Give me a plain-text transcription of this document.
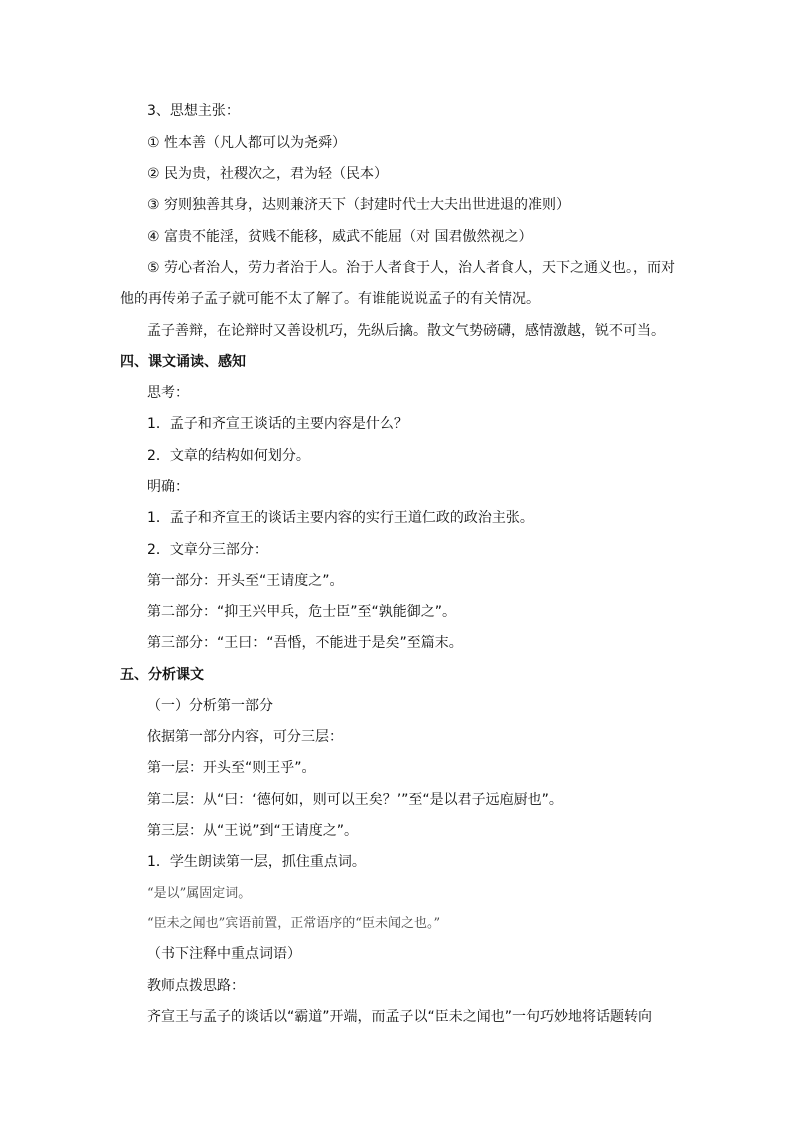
3、思想主张：
① 性本善（凡人都可以为尧舜）
② 民为贵，社稷次之，君为轻（民本）
③ 穷则独善其身，达则兼济天下（封建时代士大夫出世进退的准则）
④ 富贵不能淫，贫贱不能移，威武不能屈（对 国君傲然视之）
⑤ 劳心者治人，劳力者治于人。治于人者食于人，治人者食人，天下之通义也。，而对
他的再传弟子孟子就可能不太了解了。有谁能说说孟子的有关情况。
孟子善辩，在论辩时又善设机巧，先纵后擒。散文气势磅礴，感情激越，锐不可当。
四、课文诵读、感知
思考：
1．孟子和齐宣王谈话的主要内容是什么？
2．文章的结构如何划分。
明确：
1．孟子和齐宣王的谈话主要内容的实行王道仁政的政治主张。
2．文章分三部分：
第一部分：开头至“王请度之”。
第二部分：“抑王兴甲兵，危士臣”至“孰能御之”。
第三部分：“王曰：“吾惛，不能进于是矣”至篇末。
五、分析课文
（一）分析第一部分
依据第一部分内容，可分三层：
第一层：开头至“则王乎”。
第二层：从“曰：‘德何如，则可以王矣？’”至“是以君子远庖厨也”。
第三层：从“王说”到“王请度之”。
1．学生朗读第一层，抓住重点词。
“是以”属固定词。
“臣未之闻也”宾语前置，正常语序的“臣未闻之也。”
（书下注释中重点词语）
教师点拨思路：
齐宣王与孟子的谈话以“霸道”开端，而孟子以“臣未之闻也”一句巧妙地将话题转向
